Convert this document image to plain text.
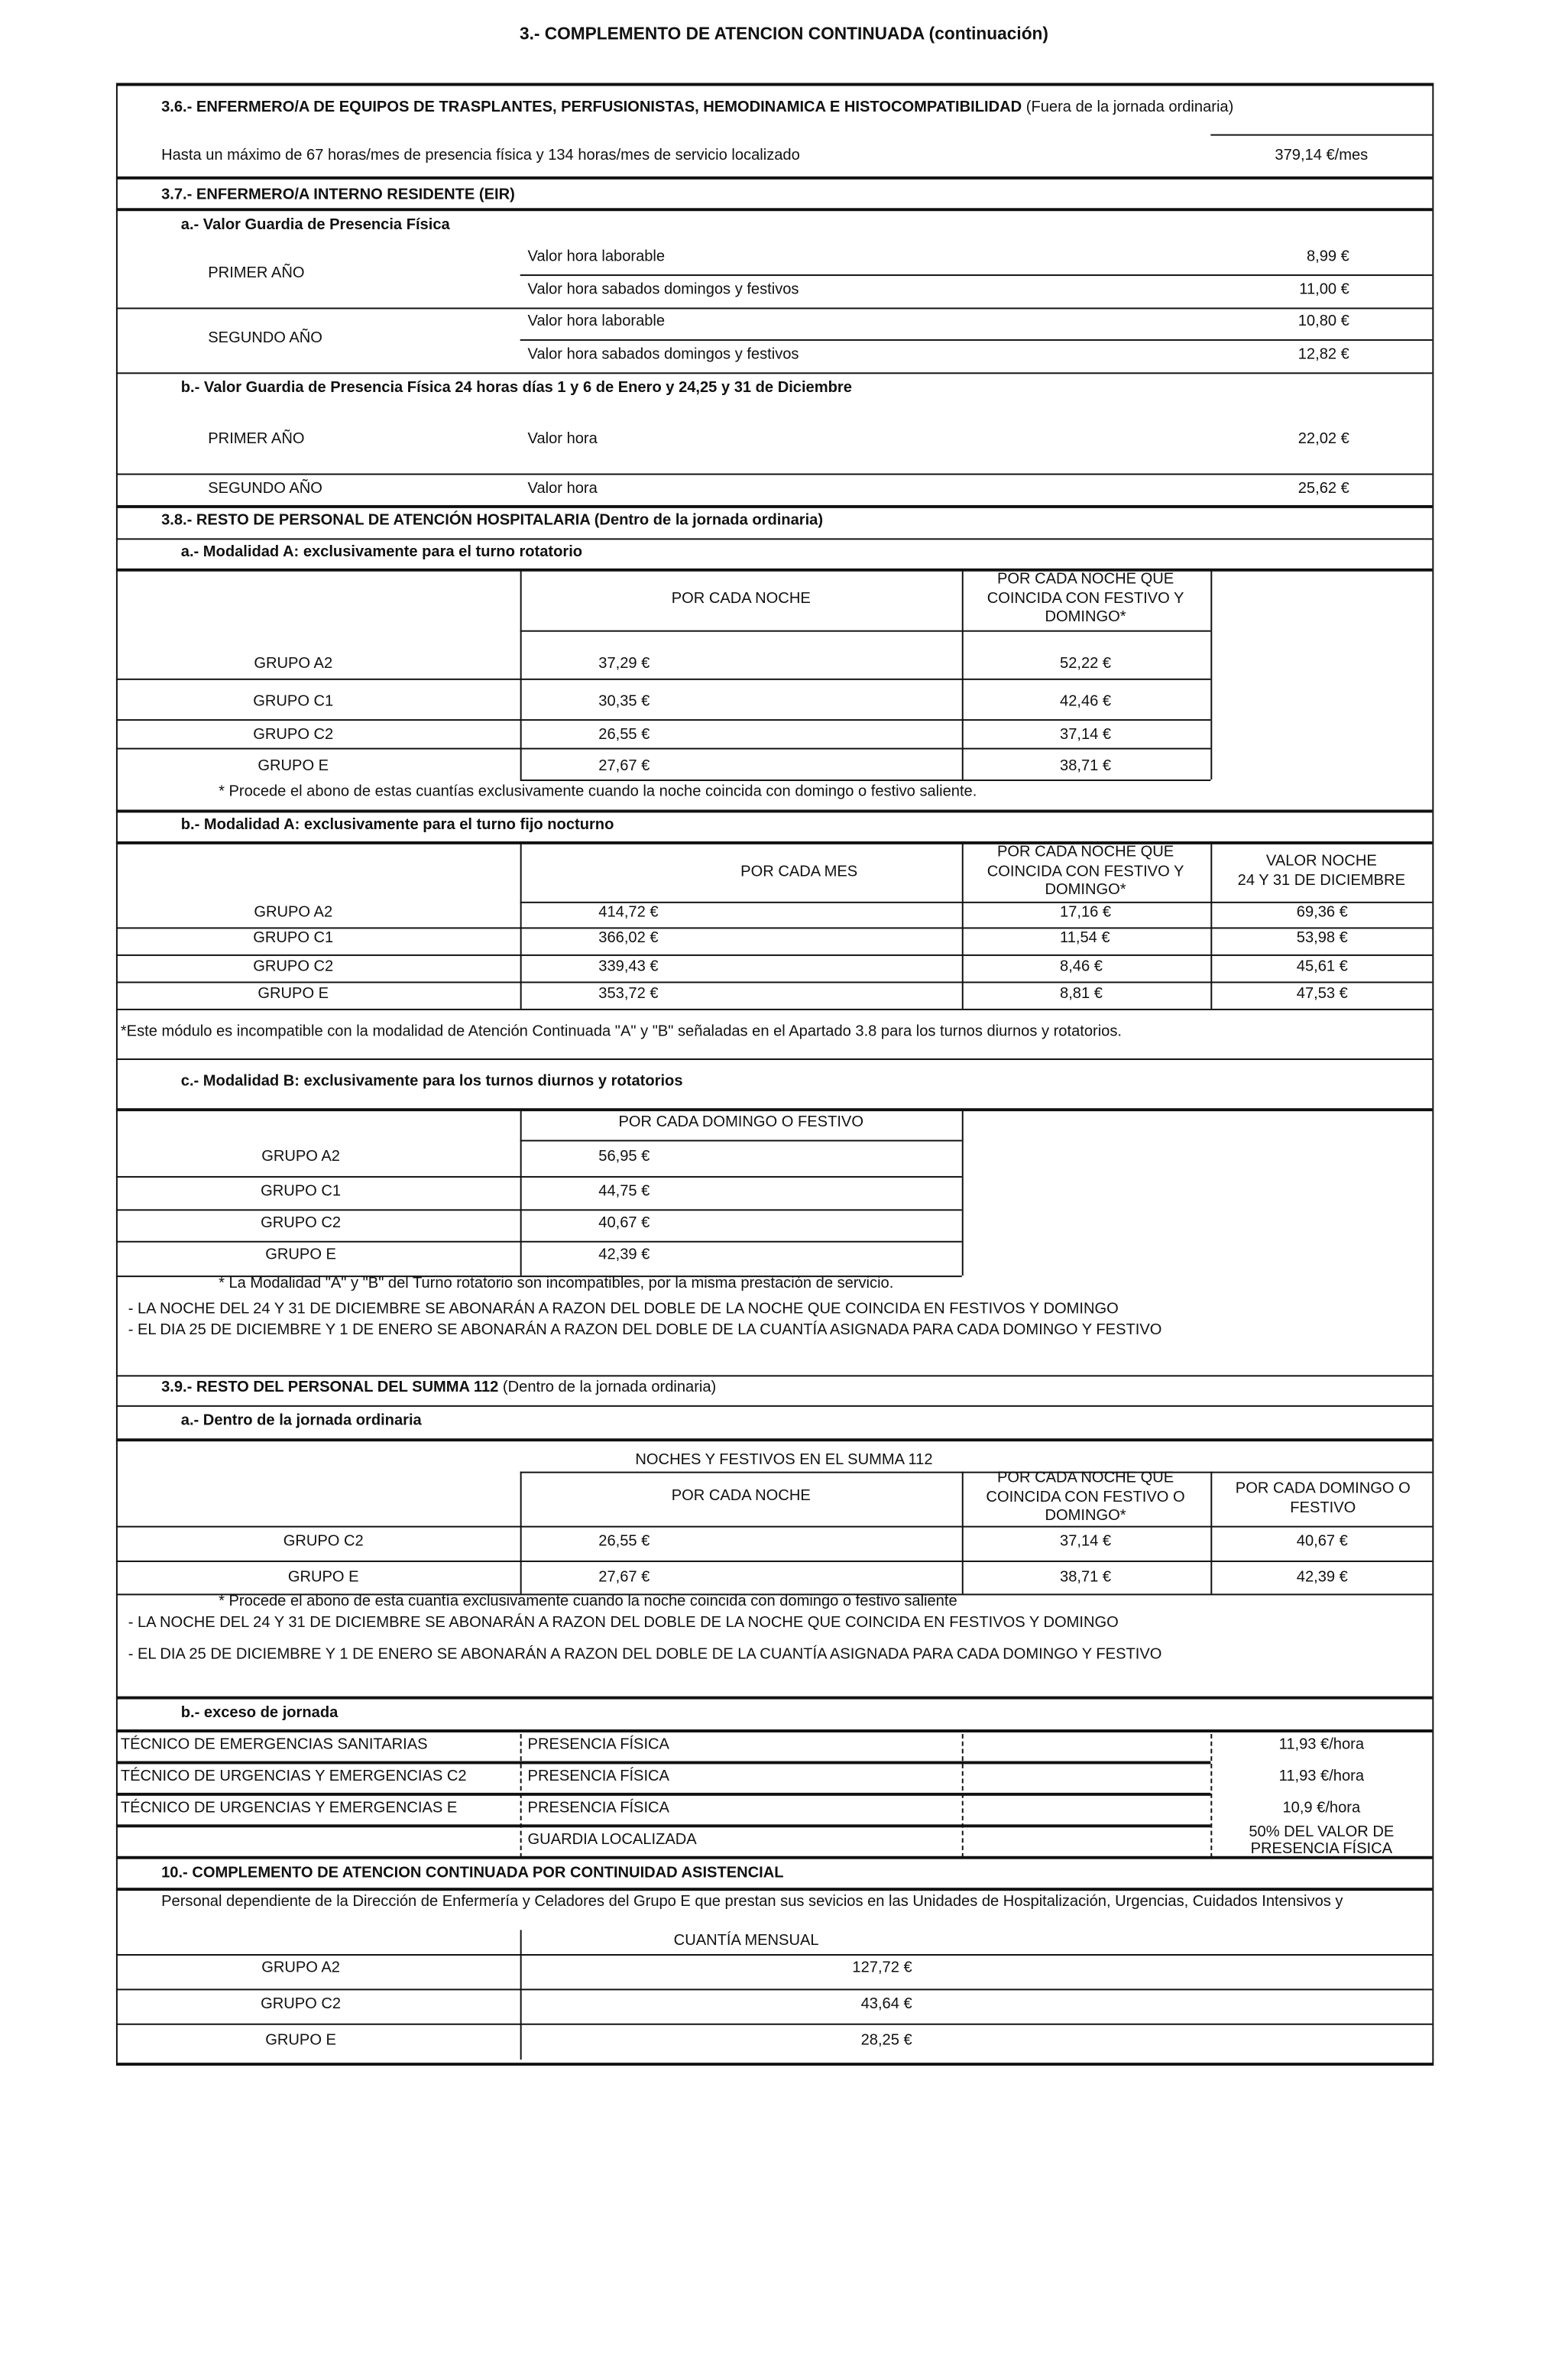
3.- COMPLEMENTO DE ATENCION CONTINUADA (continuación)
3.6.- ENFERMERO/A DE EQUIPOS DE TRASPLANTES, PERFUSIONISTAS, HEMODINAMICA E HISTOCOMPATIBILIDAD (Fuera de la jornada ordinaria)
Hasta un máximo de 67 horas/mes de presencia física y 134 horas/mes de servicio localizado	379,14 €/mes
3.7.- ENFERMERO/A INTERNO RESIDENTE (EIR)
a.- Valor Guardia de Presencia Física
PRIMER AÑO
Valor hora laborable	8,99 €
Valor hora sabados domingos y festivos	11,00 €
SEGUNDO AÑO
Valor hora laborable	10,80 €
Valor hora sabados domingos y festivos	12,82 €
b.- Valor Guardia de Presencia Física 24 horas días 1 y 6 de Enero y 24,25 y 31 de Diciembre
PRIMER AÑO	Valor hora	22,02 €
SEGUNDO AÑO	Valor hora	25,62 €
3.8.- RESTO DE PERSONAL DE ATENCIÓN HOSPITALARIA (Dentro de la jornada ordinaria)
a.- Modalidad A: exclusivamente para el turno rotatorio
POR CADA NOCHE
POR CADA NOCHE QUE COINCIDA CON FESTIVO Y DOMINGO*
GRUPO A2	37,29 €	52,22 €
GRUPO C1	30,35 €	42,46 €
GRUPO C2	26,55 €	37,14 €
GRUPO E	27,67 €	38,71 €
* Procede el abono de estas cuantías exclusivamente cuando la noche coincida con domingo o festivo saliente.
b.- Modalidad A: exclusivamente para el turno fijo nocturno
POR CADA MES
POR CADA NOCHE QUE COINCIDA CON FESTIVO Y DOMINGO*
VALOR NOCHE
24 Y 31 DE DICIEMBRE
GRUPO A2	414,72 €	17,16 €	69,36 €
GRUPO C1	366,02 €	11,54 €	53,98 €
GRUPO C2	339,43 €	8,46 €	45,61 €
GRUPO E	353,72 €	8,81 €	47,53 €
*Este módulo es incompatible con la modalidad de Atención Continuada "A" y "B" señaladas en el Apartado 3.8 para los turnos diurnos y rotatorios.
c.- Modalidad B: exclusivamente para los turnos diurnos y rotatorios
POR CADA DOMINGO O FESTIVO
GRUPO A2	56,95 €
GRUPO C1	44,75 €
GRUPO C2	40,67 €
GRUPO E	42,39 €
* La Modalidad "A" y "B" del Turno rotatorio son incompatibles, por la misma prestación de servicio.
- LA NOCHE DEL 24 Y 31 DE DICIEMBRE SE ABONARÁN A RAZON DEL DOBLE DE LA NOCHE QUE COINCIDA EN FESTIVOS Y DOMINGO
- EL DIA 25 DE DICIEMBRE Y 1 DE ENERO SE ABONARÁN A RAZON DEL DOBLE DE LA CUANTÍA ASIGNADA PARA CADA DOMINGO Y FESTIVO
3.9.- RESTO DEL PERSONAL DEL SUMMA 112 (Dentro de la jornada ordinaria)
a.- Dentro de la jornada ordinaria
NOCHES Y FESTIVOS EN EL SUMMA 112
POR CADA NOCHE
POR CADA NOCHE QUE COINCIDA CON FESTIVO O DOMINGO*
POR CADA DOMINGO O FESTIVO
GRUPO C2	26,55 €	37,14 €	40,67 €
GRUPO E	27,67 €	38,71 €	42,39 €
* Procede el abono de esta cuantía exclusivamente cuando la noche coincida con domingo o festivo saliente
- LA NOCHE DEL 24 Y 31 DE DICIEMBRE SE ABONARÁN A RAZON DEL DOBLE DE LA NOCHE QUE COINCIDA EN FESTIVOS Y DOMINGO
- EL DIA 25 DE DICIEMBRE Y 1 DE ENERO SE ABONARÁN A RAZON DEL DOBLE DE LA CUANTÍA ASIGNADA PARA CADA DOMINGO Y FESTIVO
b.- exceso de jornada
TÉCNICO DE EMERGENCIAS SANITARIAS	PRESENCIA FÍSICA	11,93 €/hora
TÉCNICO DE URGENCIAS Y EMERGENCIAS C2	PRESENCIA FÍSICA	11,93 €/hora
TÉCNICO DE URGENCIAS Y EMERGENCIAS E	PRESENCIA FÍSICA	10,9 €/hora
GUARDIA LOCALIZADA	50% DEL VALOR DE PRESENCIA FÍSICA
10.- COMPLEMENTO DE ATENCION CONTINUADA POR CONTINUIDAD ASISTENCIAL
Personal dependiente de la Dirección de Enfermería y Celadores del Grupo E que prestan sus sevicios en las Unidades de Hospitalización, Urgencias, Cuidados Intensivos y
CUANTÍA MENSUAL
GRUPO A2	127,72 €
GRUPO C2	43,64 €
GRUPO E	28,25 €
